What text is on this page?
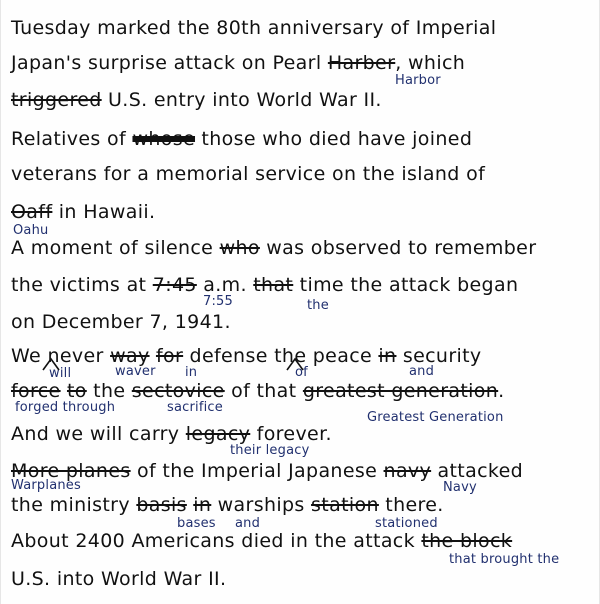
Tuesday marked the 80th anniversary of Imperial
Japan's surprise attack on Pearl Harber, which
triggered U.S. entry into World War II.
Relatives of whose those who died have joined
veterans for a memorial service on the island of
Oaff in Hawaii.
A moment of silence who was observed to remember
the victims at 7:45 a.m. that time the attack began
on December 7, 1941.
We never way for defense the peace in security
force to the sectovice of that greatest generation.
And we will carry legacy forever.
More planes of the Imperial Japanese navy attacked
the ministry basis in warships station there.
About 2400 Americans died in the attack the block
U.S. into World War II.
Harbor
Oahu
7:55	the
will	waver in	of	and
forged through	sacrifice
Greatest Generation
their legacy
Warplanes	Navy
bases and	stationed
that brought the
